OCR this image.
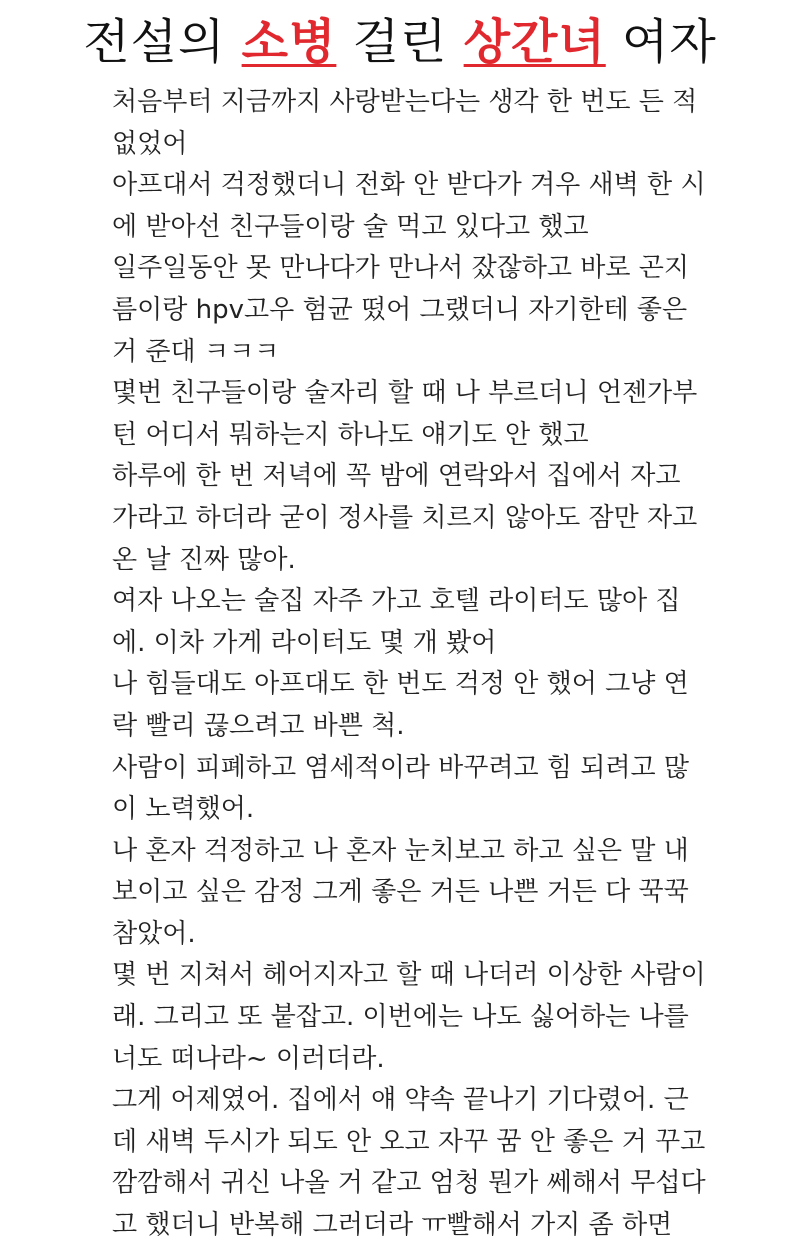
전설의 소병 걸린 상간녀 여자
처음부터 지금까지 사랑받는다는 생각 한 번도 든 적
없었어
아프대서 걱정했더니 전화 안 받다가 겨우 새벽 한 시
에 받아선 친구들이랑 술 먹고 있다고 했고
일주일동안 못 만나다가 만나서 잤잖하고 바로 곤지
름이랑 hpv고우 험균 떴어 그랬더니 자기한테 좋은
거 준대 ㅋㅋㅋ
몇번 친구들이랑 술자리 할 때 나 부르더니 언젠가부
턴 어디서 뭐하는지 하나도 얘기도 안 했고
하루에 한 번 저녁에 꼭 밤에 연락와서 집에서 자고
가라고 하더라 굳이 정사를 치르지 않아도 잠만 자고
온 날 진짜 많아.
여자 나오는 술집 자주 가고 호텔 라이터도 많아 집
에. 이차 가게 라이터도 몇 개 봤어
나 힘들대도 아프대도 한 번도 걱정 안 했어 그냥 연
락 빨리 끊으려고 바쁜 척.
사람이 피폐하고 염세적이라 바꾸려고 힘 되려고 많
이 노력했어.
나 혼자 걱정하고 나 혼자 눈치보고 하고 싶은 말 내
보이고 싶은 감정 그게 좋은 거든 나쁜 거든 다 꾹꾹
참았어.
몇 번 지쳐서 헤어지자고 할 때 나더러 이상한 사람이
래. 그리고 또 붙잡고. 이번에는 나도 싫어하는 나를
너도 떠나라~ 이러더라.
그게 어제였어. 집에서 얘 약속 끝나기 기다렸어. 근
데 새벽 두시가 되도 안 오고 자꾸 꿈 안 좋은 거 꾸고
깜깜해서 귀신 나올 거 같고 엄청 뭔가 쎄해서 무섭다
고 했더니 반복해 그러더라 ㅠ빨해서 가지 좀 하면
